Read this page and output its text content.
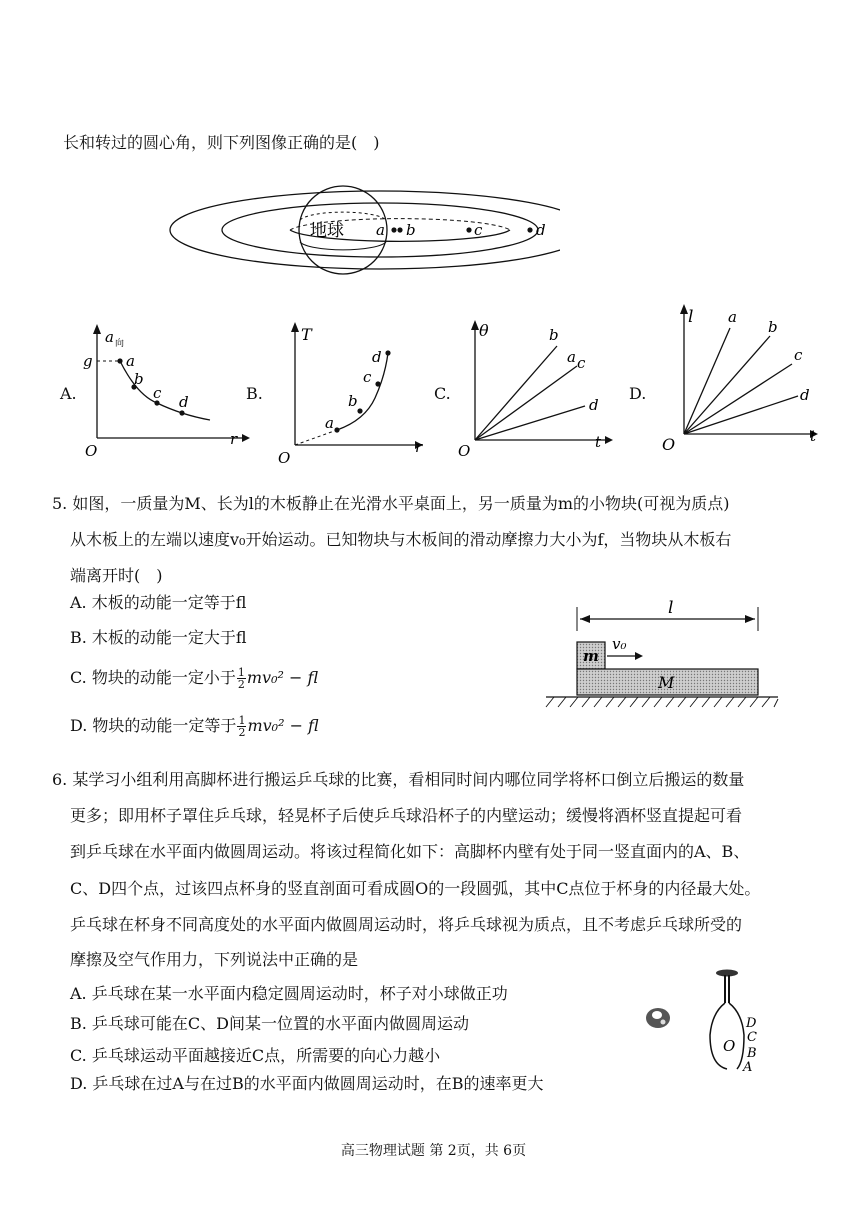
长和转过的圆心角，则下列图像正确的是(　)
地球 a b	c	d
A.
a 向
g a
b
c d
r
O
B.
T
a
b
c
d
r
O
C.
θ	b
a c
d
t
O
D.
l a
b
c
d
t
O
5. 如图，一质量为M、长为l的木板静止在光滑水平桌面上，另一质量为m的小物块(可视为质点)
从木板上的左端以速度v₀开始运动。已知物块与木板间的滑动摩擦力大小为f，当物块从木板右
端离开时(　)
A. 木板的动能一定等于fl
B. 木板的动能一定大于fl
C. 物块的动能一定小于 $\frac{1}{2} mv_0^2$ − fl
D. 物块的动能一定等于 $\frac{1}{2} mv_0^2$ − fl
l
m
v₀
M
6. 某学习小组利用高脚杯进行搬运乒乓球的比赛，看相同时间内哪位同学将杯口倒立后搬运的数量
更多；即用杯子罩住乒乓球，轻晃杯子后使乒乓球沿杯子的内壁运动；缓慢将酒杯竖直提起可看
到乒乓球在水平面内做圆周运动。将该过程简化如下：高脚杯内壁有处于同一竖直面内的A、B、
C、D四个点，过该四点杯身的竖直剖面可看成圆O的一段圆弧，其中C点位于杯身的内径最大处。
乒乓球在杯身不同高度处的水平面内做圆周运动时，将乒乓球视为质点，且不考虑乒乓球所受的
摩擦及空气作用力，下列说法中正确的是
A. 乒乓球在某一水平面内稳定圆周运动时，杯子对小球做正功
B. 乒乓球可能在C、D间某一位置的水平面内做圆周运动
C. 乒乓球运动平面越接近C点，所需要的向心力越小
D. 乒乓球在过A与在过B的水平面内做圆周运动时，在B的速率更大
O
D
C
B
A
高三物理试题 第 2页，共 6页
